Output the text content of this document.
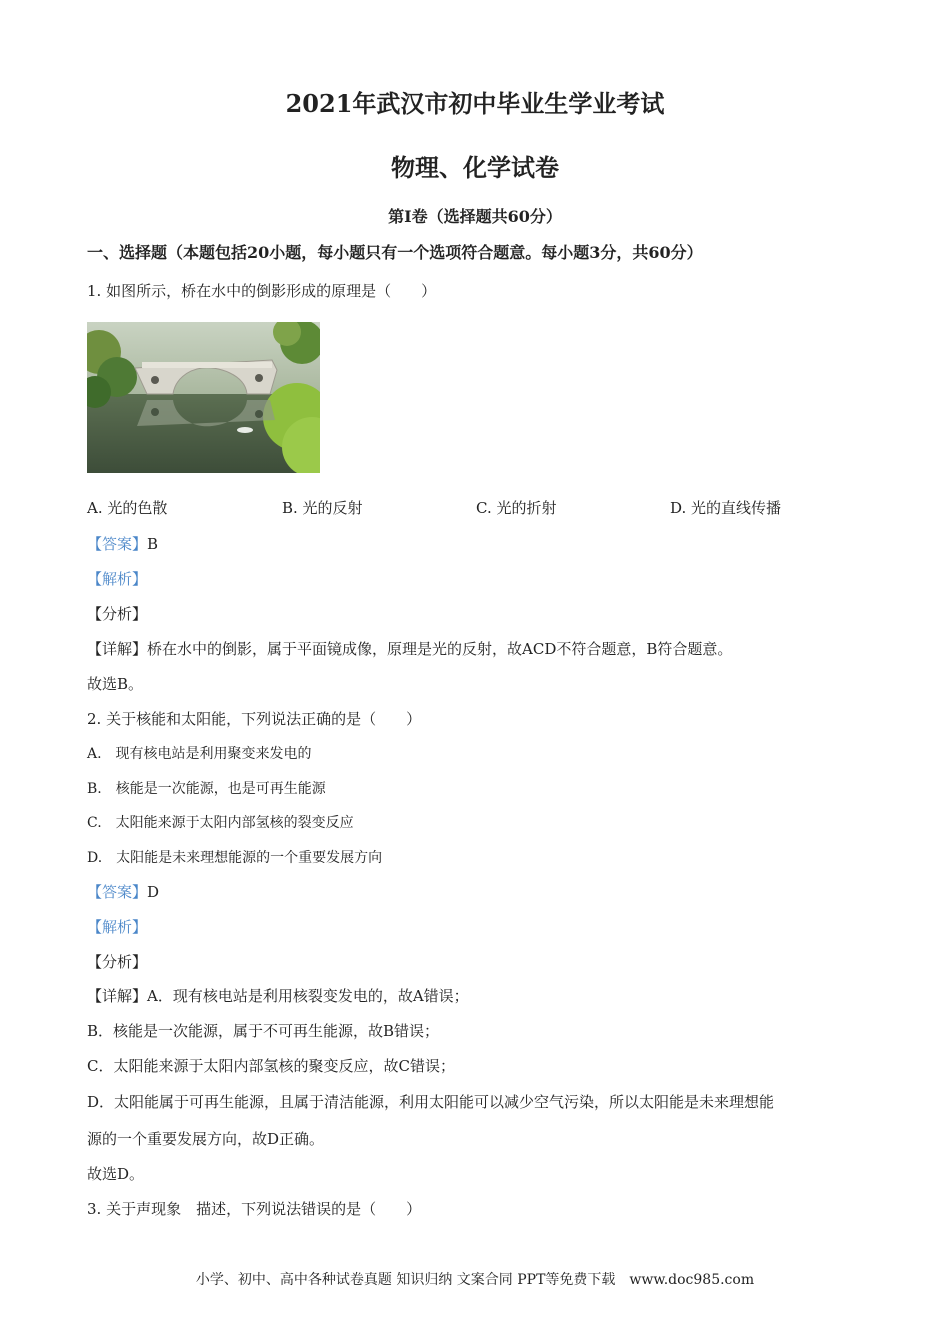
2021年武汉市初中毕业生学业考试
物理、化学试卷
第I卷（选择题共60分）
一、选择题（本题包括20小题，每小题只有一个选项符合题意。每小题3分，共60分）
1. 如图所示，桥在水中的倒影形成的原理是（　　）
A. 光的色散	B. 光的反射	C. 光的折射	D. 光的直线传播
【答案】B
【解析】
【分析】
【详解】桥在水中的倒影，属于平面镜成像，原理是光的反射，故ACD不符合题意，B符合题意。
故选B。
2. 关于核能和太阳能，下列说法正确的是（　　）
A.　现有核电站是利用聚变来发电的
B.　核能是一次能源，也是可再生能源
C.　太阳能来源于太阳内部氢核的裂变反应
D.　太阳能是未来理想能源的一个重要发展方向
【答案】D
【解析】
【分析】
【详解】A．现有核电站是利用核裂变发电的，故A错误；
B．核能是一次能源，属于不可再生能源，故B错误；
C．太阳能来源于太阳内部氢核的聚变反应，故C错误；
D．太阳能属于可再生能源，且属于清洁能源，利用太阳能可以减少空气污染，所以太阳能是未来理想能
源的一个重要发展方向，故D正确。
故选D。
3. 关于声现象　描述，下列说法错误的是（　　）
小学、初中、高中各种试卷真题 知识归纳 文案合同 PPT等免费下载　www.doc985.com
